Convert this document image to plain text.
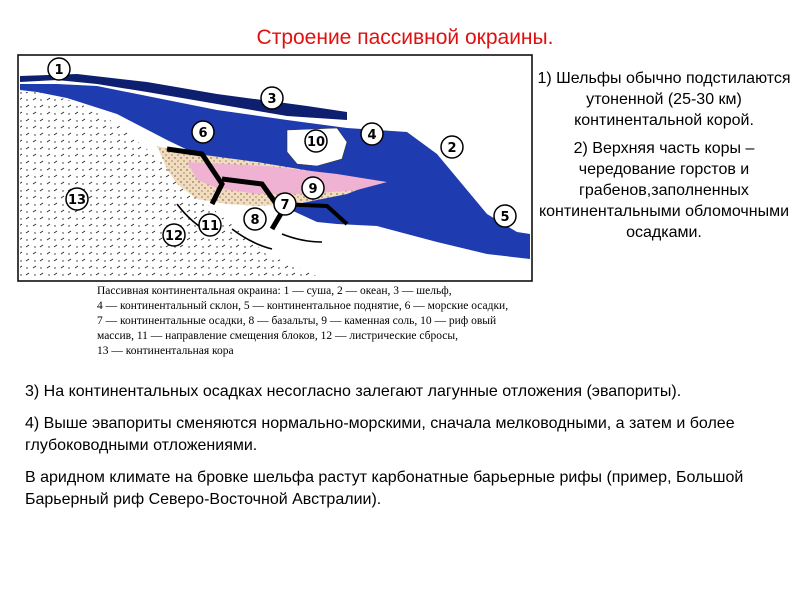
Строение пассивной окраины.
1
2
3
4
5
6
7
8
9
10
11
12
13
Пассивная континентальная окраина: 1 — суша, 2 — океан, 3 — шельф,
4 — континентальный склон, 5 — континентальное поднятие, 6 — морские осадки,
7 — континентальные осадки, 8 — базальты, 9 — каменная соль, 10 — риф овый
массив, 11 — направление смещения блоков, 12 — листрические сбросы,
13 — континентальная кора

1) Шельфы обычно подстилаются утоненной (25-30 км) континентальной корой.

2) Верхняя часть коры – чередование горстов и грабенов,заполненных континентальными обломочными осадками.

3) На континентальных осадках несогласно залегают лагунные отложения (эвапориты).

4) Выше эвапориты сменяются нормально-морскими, сначала мелководными, а затем и более глубоководными отложениями.

В аридном климате на бровке шельфа растут карбонатные барьерные рифы (пример, Большой Барьерный риф Северо-Восточной Австралии).
